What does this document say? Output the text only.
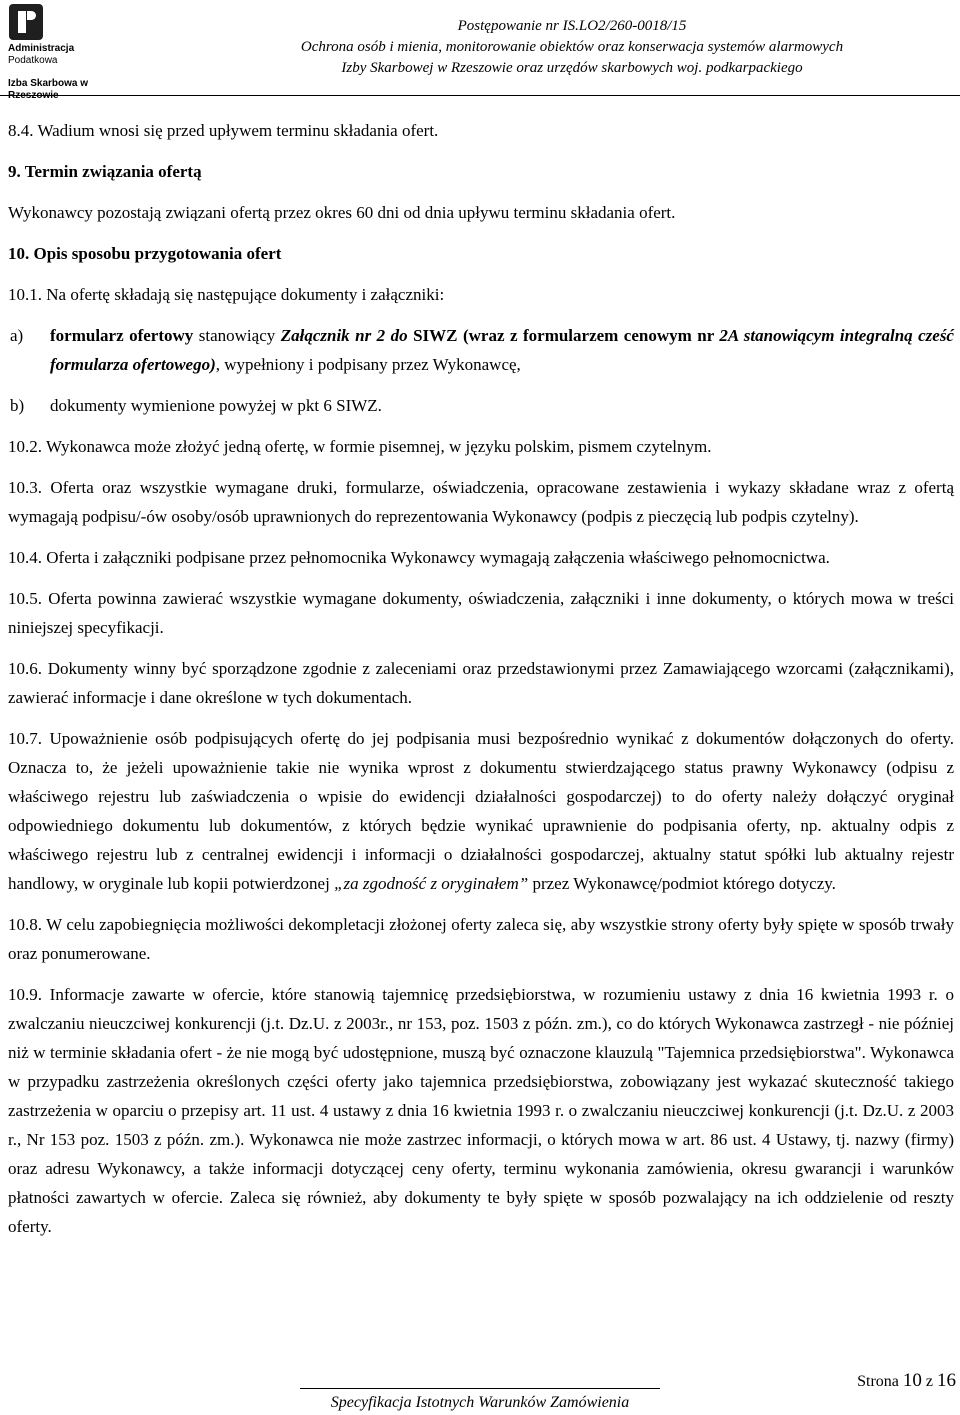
Administracja
Podatkowa
Izba Skarbowa w Rzeszowie
Postępowanie nr IS.LO2/260-0018/15
Ochrona osób i mienia, monitorowanie obiektów oraz konserwacja systemów alarmowych
Izby Skarbowej w Rzeszowie oraz urzędów skarbowych woj. podkarpackiego

8.4. Wadium wnosi się przed upływem terminu składania ofert.

9. Termin związania ofertą

Wykonawcy pozostają związani ofertą przez okres 60 dni od dnia upływu terminu składania ofert.

10. Opis sposobu przygotowania ofert

10.1. Na ofertę składają się następujące dokumenty i załączniki:

a)	formularz ofertowy stanowiący Załącznik nr 2 do SIWZ (wraz z formularzem cenowym nr 2A stanowiącym integralną cześć formularza ofertowego), wypełniony i podpisany przez Wykonawcę,
b)	dokumenty wymienione powyżej w pkt 6 SIWZ.

10.2. Wykonawca może złożyć jedną ofertę, w formie pisemnej, w języku polskim, pismem czytelnym.

10.3. Oferta oraz wszystkie wymagane druki, formularze, oświadczenia, opracowane zestawienia i wykazy składane wraz z ofertą wymagają podpisu/-ów osoby/osób uprawnionych do reprezentowania Wykonawcy (podpis z pieczęcią lub podpis czytelny).

10.4. Oferta i załączniki podpisane przez pełnomocnika Wykonawcy wymagają załączenia właściwego pełnomocnictwa.

10.5. Oferta powinna zawierać wszystkie wymagane dokumenty, oświadczenia, załączniki i inne dokumenty, o których mowa w treści niniejszej specyfikacji.

10.6. Dokumenty winny być sporządzone zgodnie z zaleceniami oraz przedstawionymi przez Zamawiającego wzorcami (załącznikami), zawierać informacje i dane określone w tych dokumentach.

10.7. Upoważnienie osób podpisujących ofertę do jej podpisania musi bezpośrednio wynikać z dokumentów dołączonych do oferty. Oznacza to, że jeżeli upoważnienie takie nie wynika wprost z dokumentu stwierdzającego status prawny Wykonawcy (odpisu z właściwego rejestru lub zaświadczenia o wpisie do ewidencji działalności gospodarczej) to do oferty należy dołączyć oryginał odpowiedniego dokumentu lub dokumentów, z których będzie wynikać uprawnienie do podpisania oferty, np. aktualny odpis z właściwego rejestru lub z centralnej ewidencji i informacji o działalności gospodarczej, aktualny statut spółki lub aktualny rejestr handlowy, w oryginale lub kopii potwierdzonej „za zgodność z oryginałem” przez Wykonawcę/podmiot którego dotyczy.

10.8. W celu zapobiegnięcia możliwości dekompletacji złożonej oferty zaleca się, aby wszystkie strony oferty były spięte w sposób trwały oraz ponumerowane.

10.9. Informacje zawarte w ofercie, które stanowią tajemnicę przedsiębiorstwa, w rozumieniu ustawy z dnia 16 kwietnia 1993 r. o zwalczaniu nieuczciwej konkurencji (j.t. Dz.U. z 2003r., nr 153, poz. 1503 z późn. zm.), co do których Wykonawca zastrzegł - nie później niż w terminie składania ofert - że nie mogą być udostępnione, muszą być oznaczone klauzulą "Tajemnica przedsiębiorstwa". Wykonawca w przypadku zastrzeżenia określonych części oferty jako tajemnica przedsiębiorstwa, zobowiązany jest wykazać skuteczność takiego zastrzeżenia w oparciu o przepisy art. 11 ust. 4 ustawy z dnia 16 kwietnia 1993 r. o zwalczaniu nieuczciwej konkurencji (j.t. Dz.U. z 2003 r., Nr 153 poz. 1503 z późn. zm.). Wykonawca nie może zastrzec informacji, o których mowa w art. 86 ust. 4 Ustawy, tj. nazwy (firmy) oraz adresu Wykonawcy, a także informacji dotyczącej ceny oferty, terminu wykonania zamówienia, okresu gwarancji i warunków płatności zawartych w ofercie. Zaleca się również, aby dokumenty te były spięte w sposób pozwalający na ich oddzielenie od reszty oferty.

Strona 10 z 16
Specyfikacja Istotnych Warunków Zamówienia
